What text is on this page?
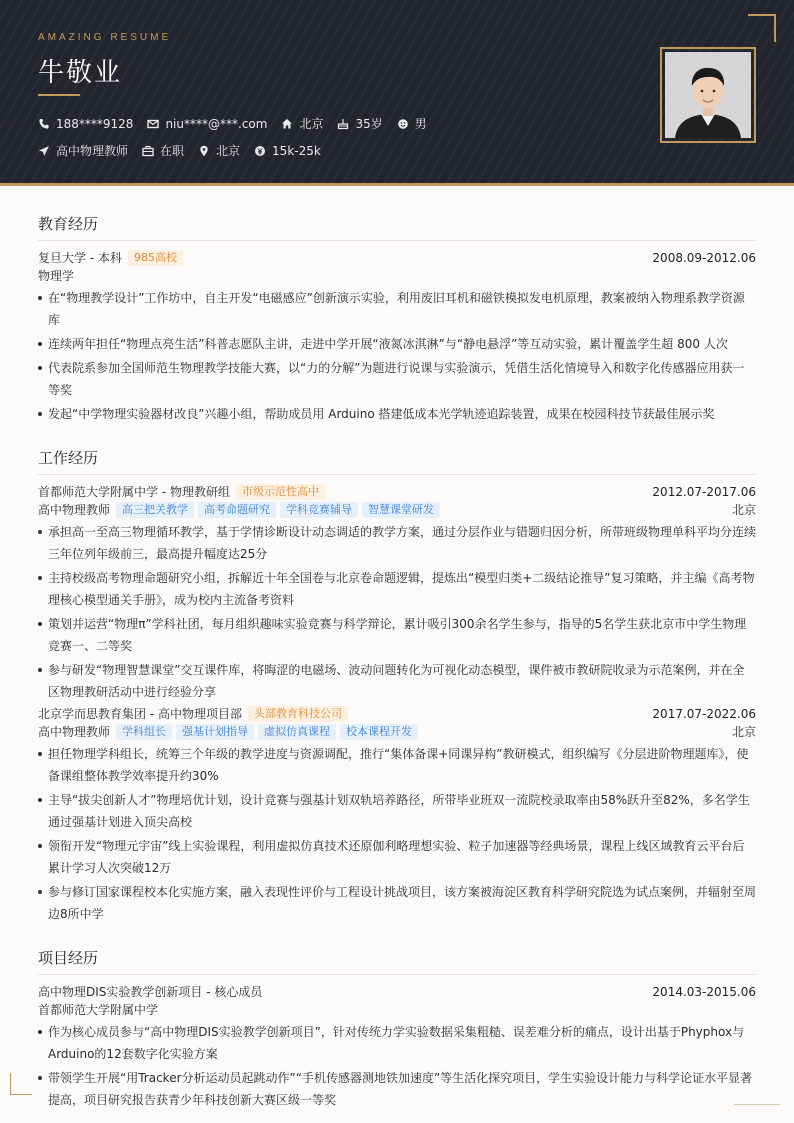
AMAZING RESUME
牛敬业
188****9128	niu****@***.com	北京	35岁	男
高中物理教师	在职	北京	15k-25k
教育经历
复旦大学 - 本科	985高校	2008.09-2012.06
物理学
在“物理教学设计”工作坊中，自主开发“电磁感应”创新演示实验，利用废旧耳机和磁铁模拟发电机原理，教案被纳入物理系教学资源库
连续两年担任“物理点亮生活”科普志愿队主讲，走进中学开展“液氮冰淇淋”与“静电悬浮”等互动实验，累计覆盖学生超 800 人次
代表院系参加全国师范生物理教学技能大赛，以“力的分解”为题进行说课与实验演示，凭借生活化情境导入和数字化传感器应用获一等奖
发起“中学物理实验器材改良”兴趣小组，帮助成员用 Arduino 搭建低成本光学轨迹追踪装置，成果在校园科技节获最佳展示奖
工作经历
首都师范大学附属中学 - 物理教研组	市级示范性高中	2012.07-2017.06
高中物理教师	高三把关教学	高考命题研究	学科竞赛辅导	智慧课堂研发	北京
承担高一至高三物理循环教学，基于学情诊断设计动态调适的教学方案，通过分层作业与错题归因分析，所带班级物理单科平均分连续三年位列年级前三，最高提升幅度达25分
主持校级高考物理命题研究小组，拆解近十年全国卷与北京卷命题逻辑，提炼出“模型归类+二级结论推导”复习策略，并主编《高考物理核心模型通关手册》，成为校内主流备考资料
策划并运营“物理π”学科社团，每月组织趣味实验竞赛与科学辩论，累计吸引300余名学生参与，指导的5名学生获北京市中学生物理竞赛一、二等奖
参与研发“物理智慧课堂”交互课件库，将晦涩的电磁场、波动问题转化为可视化动态模型，课件被市教研院收录为示范案例，并在全区物理教研活动中进行经验分享
北京学而思教育集团 - 高中物理项目部	头部教育科技公司	2017.07-2022.06
高中物理教师	学科组长	强基计划指导	虚拟仿真课程	校本课程开发	北京
担任物理学科组长，统筹三个年级的教学进度与资源调配，推行“集体备课+同课异构”教研模式，组织编写《分层进阶物理题库》，使备课组整体教学效率提升约30%
主导“拔尖创新人才”物理培优计划，设计竞赛与强基计划双轨培养路径，所带毕业班双一流院校录取率由58%跃升至82%，多名学生通过强基计划进入顶尖高校
领衔开发“物理元宇宙”线上实验课程，利用虚拟仿真技术还原伽利略理想实验、粒子加速器等经典场景，课程上线区域教育云平台后累计学习人次突破12万
参与修订国家课程校本化实施方案，融入表现性评价与工程设计挑战项目，该方案被海淀区教育科学研究院选为试点案例，并辐射至周边8所中学
项目经历
高中物理DIS实验教学创新项目 - 核心成员	2014.03-2015.06
首都师范大学附属中学
作为核心成员参与“高中物理DIS实验教学创新项目”，针对传统力学实验数据采集粗糙、误差难分析的痛点，设计出基于Phyphox与Arduino的12套数字化实验方案
带领学生开展“用Tracker分析运动员起跳动作”“手机传感器测地铁加速度”等生活化探究项目，学生实验设计能力与科学论证水平显著提高，项目研究报告获青少年科技创新大赛区级一等奖
